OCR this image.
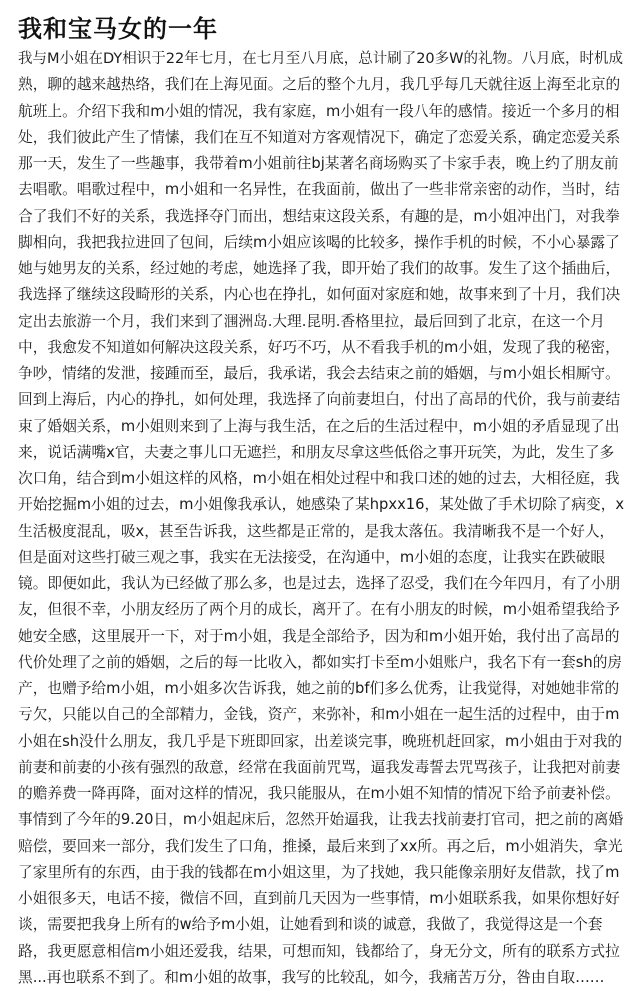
我和宝马女的一年
我与M小姐在DY相识于22年七月，在七月至八月底，总计刷了20多W的礼物。八月底，时机成
熟，聊的越来越热络，我们在上海见面。之后的整个九月，我几乎每几天就往返上海至北京的
航班上。介绍下我和m小姐的情况，我有家庭，m小姐有一段八年的感情。接近一个多月的相
处，我们彼此产生了情愫，我们在互不知道对方客观情况下，确定了恋爱关系，确定恋爱关系
那一天，发生了一些趣事，我带着m小姐前往bj某著名商场购买了卡家手表，晚上约了朋友前
去唱歌。唱歌过程中，m小姐和一名异性，在我面前，做出了一些非常亲密的动作，当时，结
合了我们不好的关系，我选择夺门而出，想结束这段关系，有趣的是，m小姐冲出门，对我拳
脚相向，我把我拉进回了包间，后续m小姐应该喝的比较多，操作手机的时候，不小心暴露了
她与她男友的关系，经过她的考虑，她选择了我，即开始了我们的故事。发生了这个插曲后，
我选择了继续这段畸形的关系，内心也在挣扎，如何面对家庭和她，故事来到了十月，我们决
定出去旅游一个月，我们来到了涠洲岛.大理.昆明.香格里拉，最后回到了北京，在这一个月
中，我愈发不知道如何解决这段关系，好巧不巧，从不看我手机的m小姐，发现了我的秘密，
争吵，情绪的发泄，接踵而至，最后，我承诺，我会去结束之前的婚姻，与m小姐长相厮守。
回到上海后，内心的挣扎，如何处理，我选择了向前妻坦白，付出了高昂的代价，我与前妻结
束了婚姻关系，m小姐则来到了上海与我生活，在之后的生活过程中，m小姐的矛盾显现了出
来，说话满嘴x官，夫妻之事儿口无遮拦，和朋友尽拿这些低俗之事开玩笑，为此，发生了多
次口角，结合到m小姐这样的风格，m小姐在相处过程中和我口述的她的过去，大相径庭，我
开始挖掘m小姐的过去，m小姐像我承认，她感染了某hpxx16，某处做了手术切除了病变，x
生活极度混乱，吸x，甚至告诉我，这些都是正常的，是我太落伍。我清晰我不是一个好人，
但是面对这些打破三观之事，我实在无法接受，在沟通中，m小姐的态度，让我实在跌破眼
镜。即便如此，我认为已经做了那么多，也是过去，选择了忍受，我们在今年四月，有了小朋
友，但很不幸，小朋友经历了两个月的成长，离开了。在有小朋友的时候，m小姐希望我给予
她安全感，这里展开一下，对于m小姐，我是全部给予，因为和m小姐开始，我付出了高昂的
代价处理了之前的婚姻，之后的每一比收入，都如实打卡至m小姐账户，我名下有一套sh的房
产，也赠予给m小姐，m小姐多次告诉我，她之前的bf们多么优秀，让我觉得，对她她非常的
亏欠，只能以自己的全部精力，金钱，资产，来弥补，和m小姐在一起生活的过程中，由于m
小姐在sh没什么朋友，我几乎是下班即回家，出差谈完事，晚班机赶回家，m小姐由于对我的
前妻和前妻的小孩有强烈的敌意，经常在我面前咒骂，逼我发毒誓去咒骂孩子，让我把对前妻
的赡养费一降再降，面对这样的情况，我只能服从，在m小姐不知情的情况下给予前妻补偿。
事情到了今年的9.20日，m小姐起床后，忽然开始逼我，让我去找前妻打官司，把之前的离婚
赔偿，要回来一部分，我们发生了口角，推搡，最后来到了xx所。再之后，m小姐消失，拿光
了家里所有的东西，由于我的钱都在m小姐这里，为了找她，我只能像亲朋好友借款，找了m
小姐很多天，电话不接，微信不回，直到前几天因为一些事情，m小姐联系我，如果你想好好
谈，需要把我身上所有的w给予m小姐，让她看到和谈的诚意，我做了，我觉得这是一个套
路，我更愿意相信m小姐还爱我，结果，可想而知，钱都给了，身无分文，所有的联系方式拉
黑...再也联系不到了。和m小姐的故事，我写的比较乱，如今，我痛苦万分，咎由自取……
